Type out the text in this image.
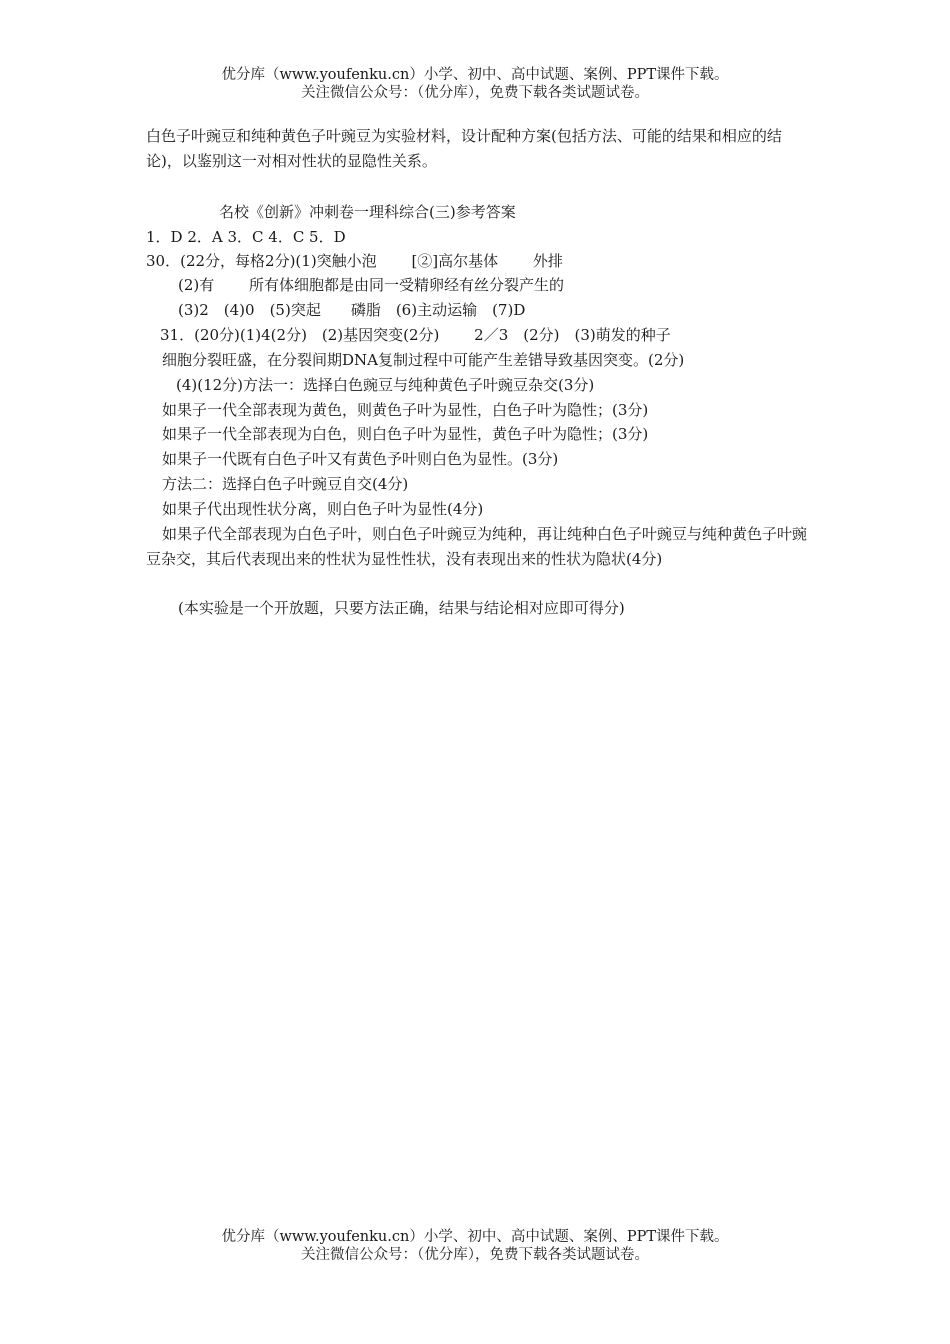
优分库（www.youfenku.cn）小学、初中、高中试题、案例、PPT课件下载。
关注微信公众号：（优分库），免费下载各类试题试卷。
白色子叶豌豆和纯种黄色子叶豌豆为实验材料，设计配种方案(包括方法、可能的结果和相应的结论)，以鉴别这一对相对性状的显隐性关系。
名校《创新》冲刺卷一理科综合(三)参考答案
1．D 2．A 3．C 4．C 5．D
30．(22分，每格2分)(1)突触小泡　　 [②]高尔基体　　 外排
(2)有　　 所有体细胞都是由同一受精卵经有丝分裂产生的
(3)2　(4)0　(5)突起　　磷脂　(6)主动运输　(7)D
31．(20分)(1)4(2分)　(2)基因突变(2分)　　 2／3　(2分)　(3)萌发的种子
细胞分裂旺盛，在分裂间期DNA复制过程中可能产生差错导致基因突变。(2分)
(4)(12分)方法一：选择白色豌豆与纯种黄色子叶豌豆杂交(3分)
如果子一代全部表现为黄色，则黄色子叶为显性，白色子叶为隐性；(3分)
如果子一代全部表现为白色，则白色子叶为显性，黄色子叶为隐性；(3分)
如果子一代既有白色子叶又有黄色予叶则白色为显性。(3分)
方法二：选择白色子叶豌豆自交(4分)
如果子代出现性状分离，则白色子叶为显性(4分)
如果子代全部表现为白色子叶，则白色子叶豌豆为纯种，再让纯种白色子叶豌豆与纯种黄色子叶豌豆杂交，其后代表现出来的性状为显性性状，没有表现出来的性状为隐状(4分)
(本实验是一个开放题，只要方法正确，结果与结论相对应即可得分)
优分库（www.youfenku.cn）小学、初中、高中试题、案例、PPT课件下载。
关注微信公众号：（优分库），免费下载各类试题试卷。
